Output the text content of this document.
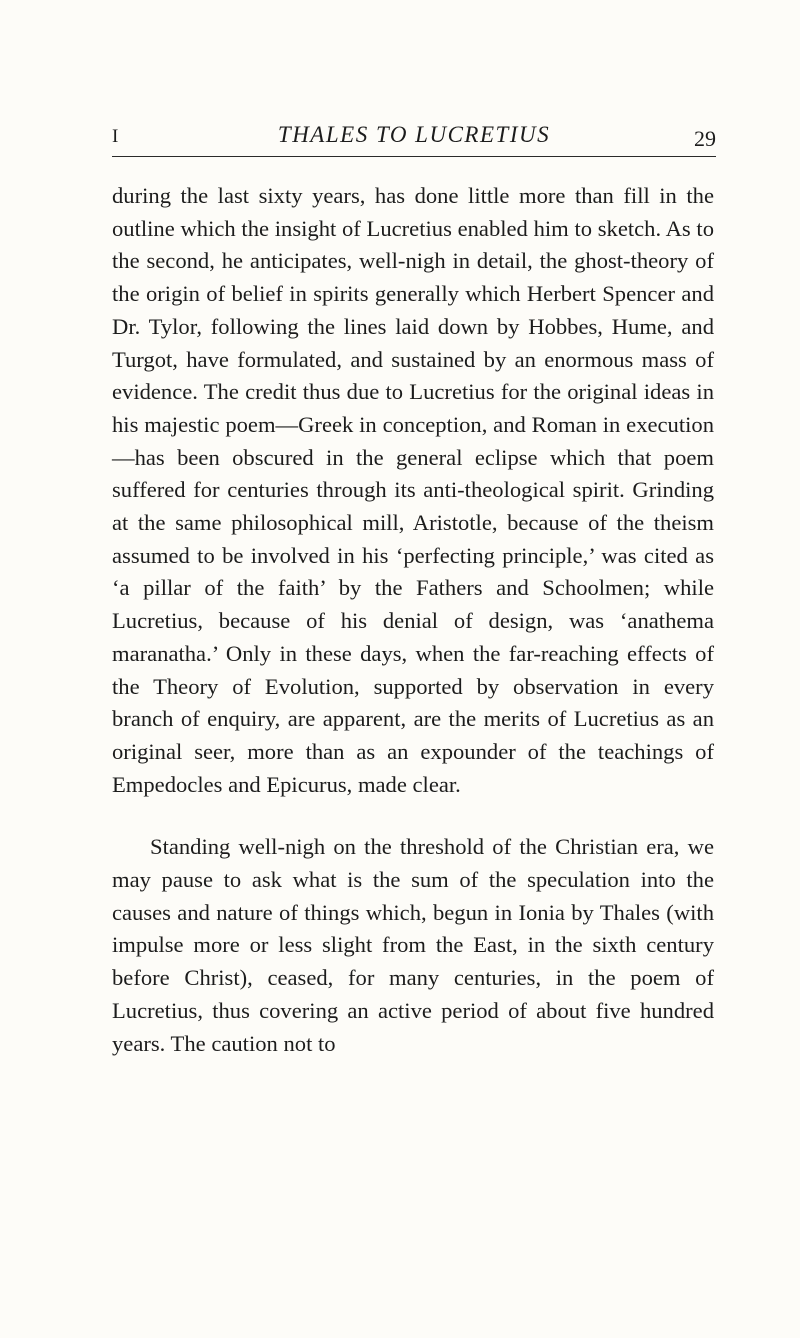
I	THALES TO LUCRETIUS	29

during the last sixty years, has done little more than fill in the outline which the insight of Lucretius enabled him to sketch. As to the second, he anticipates, well-nigh in detail, the ghost-theory of the origin of belief in spirits generally which Herbert Spencer and Dr. Tylor, following the lines laid down by Hobbes, Hume, and Turgot, have formulated, and sustained by an enormous mass of evidence. The credit thus due to Lucretius for the original ideas in his majestic poem—Greek in conception, and Roman in execution—has been obscured in the general eclipse which that poem suffered for centuries through its anti-theological spirit. Grinding at the same philosophical mill, Aristotle, because of the theism assumed to be involved in his ‘perfecting principle,’ was cited as ‘a pillar of the faith’ by the Fathers and Schoolmen; while Lucretius, because of his denial of design, was ‘anathema maranatha.’ Only in these days, when the far-reaching effects of the Theory of Evolution, supported by observation in every branch of enquiry, are apparent, are the merits of Lucretius as an original seer, more than as an expounder of the teachings of Empedocles and Epicurus, made clear.

Standing well-nigh on the threshold of the Christian era, we may pause to ask what is the sum of the speculation into the causes and nature of things which, begun in Ionia by Thales (with impulse more or less slight from the East, in the sixth century before Christ), ceased, for many centuries, in the poem of Lucretius, thus covering an active period of about five hundred years. The caution not to
